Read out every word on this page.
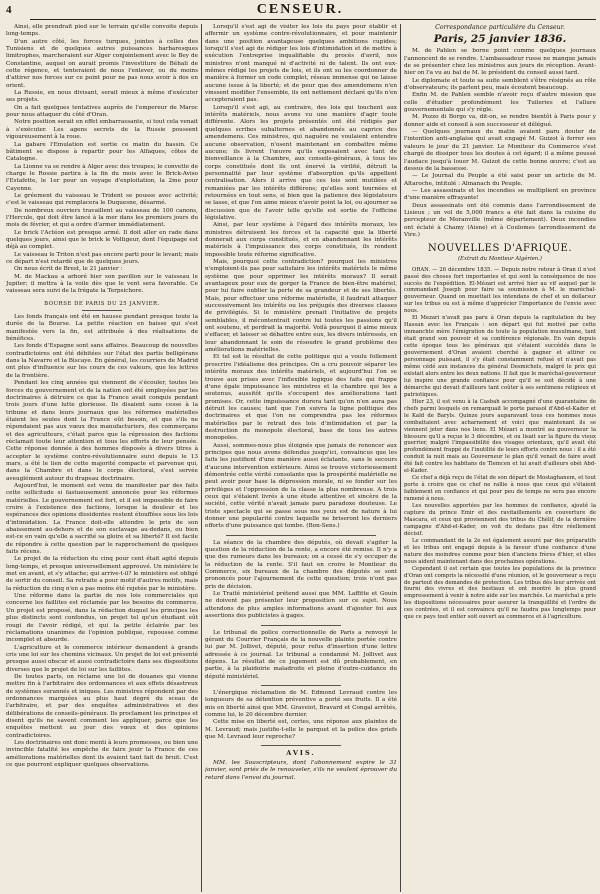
4	CENSEUR.

Ainsi, elle prendrait pied sur le terrain qu'elle convoite depuis long-temps.

D'un autre côté, les forces turques, jointes à celles des Tunisiens et de quelques autres puissances barbaresques limitrophes, marcheraient sur Alger conjointement avec le Bey de Constantine, auquel on aurait promis l'investiture de Béhali de cette régence, et tenteraient de nous l'enlever, ou du moins d'attirer nos forces sur ce point pour ne pas nous avoir à dos en orient.

La Russie, en nous divisant, serait mieux à même d'exécuter ses projets.

On a fait quelques tentatives auprès de l'empereur de Maroc pour nous attaquer du côté d'Oran.

Notre position serait en effet embarrassante, si tout cela venait à s'exécuter. Les agens secrets de la Russie poussent vigoureusement à la roue.

La gabare l'Emulation est sortie ce matin du bassin. Ce bâtiment se dispose à repartir pour les Alfaques, côtes de Catalogne.

La Lionne va se rendre à Alger avec des troupes; le convette de charge le Rossie partira à la fin du mois avec le Brick-Aviso l'Estafette, le 1er pour un voyage d'exploitation, la 2me pour Cayenne.

Le gréement du vaisseau le Trident se pousse avec activité; c'est le vaisseau qui remplacera le Duquesne, désarmé.

De nombreux ouvriers travaillent au vaisseau de 100 canons, l'Hercule, qui doit être lancé à la mer dans les premiers jours du mois de février, et qui a ordre d'armer immédiatement.

Le brick l'Actéon est presque armé. Il doit aller en rade dans quelques jours, ainsi que le brick le Voltigeur, dont l'équipage est déjà au complet.

Le vaisseau le Triton n'est pas encore parti pour le levant; mais ce départ n'est retardé que de quelques jours.

On nous écrit de Brest, le 21 janvier :

M. de Mackau a arboré hier son pavillon sur le vaisseau le Jupiter; il mettra à la voile dès que le vent sera favorable. Ce vaisseau sera suivi de la frégate la Terpsichore.

BOURSE DE PARIS DU 25 JANVIER.

Les fonds français ont été en hausse pendant presque toute la durée de la Bourse. La petite réaction en baisse qui s'est manifestée vers la fin, est attribuée à des réalisations de bénéfices.

Les fonds d'Espagne sont sans affaires. Beaucoup de nouvelles contradictoires ont été débitées sur l'état des partis belligérans dans la Navarre et la Biscaye. En général, les courriers de Madrid ont plus d'influence sur les cours de ces valeurs, que les lettres de la frontière.

Pendant les cinq années qui viennent de s'écouler, toutes les forces du gouvernement et de la nation ont été employées par les doctrinaires à détruire ce que la France avait conquis pendant trois jours d'une lutte glorieuse. Ils disaient sans cesse à la tribune et dans leurs journaux que les réformes matérielles étaient les seules dont la France eût besoin, et que s'ils ne répondaient pas aux vœux des manufacturiers, des commerçans et des agriculteurs, c'était parce que la répression des factions réclamait toute leur attention et tous les efforts de leur pensée. Cette réponse donnée à des hommes disposés à divers titres à accepter le système contre-révolutionnaire suivi depuis le 13 mars, a été le lien de cette majorité compacte et parvenue qui, dans la Chambre et dans le corps électoral, s'est servée aveuglément autour du drapeau doctrinaire.

Aujourd'hui, le moment est venu de manifester par des faits cette sollicitude si fastueusement annoncée pour les réformes matérielles. Le gouvernement est fort, et il est impossible de faire croire à l'existence des factions, lorsque la douleur et les espérances des opinions dissidentes restent étouffées sous les lois d'intimidation. La France doit-elle attendre le prix de son abaissement au-dehors et de son esclavage au-dedans, ou bien est-ce en vain qu'elle a sacrifié sa gloire et sa liberté? Il est facile de répondre à cette question par le rapprochement de quelques faits récens.

Le projet de la réduction du cinq pour cent était agité depuis long-temps, et presque universellement approuvé. Un ministère le met en avant, et s'y attache; qui arrive-t-il? le ministère est obligé de sortir du conseil. Sa retraite a pour motif d'autres motifs, mais la réduction du cinq n'en a pas moins été rejetée par le ministère.

Une réforme dans la partie de nos lois commerciales qui concerne les faillites est réclamée par les besoins du commerce. Un projet est proposé, dans la rédaction duquel les principes les plus distincts sont confondus, un projet tel qu'un étudiant eût rougi de l'avoir rédigé, et qui la petite éclairée par les réclamations unanimes de l'opinion publique, repousse comme incomplet et absurde.

L'agriculture et le commerce intérieur demandent à grands cris une loi sur les chemins vicinaux. Un projet de loi est présenté presque aussi obscur et aussi contradictoire dans ses dispositions diverses que le projet de loi sur les faillites.

De toutes parts, on réclame une loi de douanes qui vienne mettre fin à l'arbitraire des ordonnances et aux effets désastreux de systèmes surannés et iniques. Les ministres répondent par des ordonnances marquées au plus haut degré du sceau de l'arbitraire, et par des enquêtes administratives et des délibérations de conseils-généraux. Ils proclament les principes et disent qu'ils ne savent comment les appliquer, parce que les enquêtes mettent au jour des vœux et des opinions contradictoires.

Les doctrinaires ont donc menti à leurs promesses, ou bien une invincible fatalité les empêche de faire jouir la France de ces améliorations matérielles dont ils avaient tant fait de bruit. C'est ce que pourront expliquer quelques observations.

Lorsqu'il s'est agi de visiter les lois du pays pour établir et affermir un système contre-révolutionnaire, et pour maintenir dans une position avantageuse quelques ambitions cupides; lorsqu'il s'est agi de rédiger les lois d'intimidation et de mettre à exécution l'entreprise inqualifiable du procès d'avril, nos ministres n'ont manqué ni d'activité ni de talent. Ils ont eux-mêmes rédigé les projets de lois, et ils ont su les coordonner de manière à former un code complet, réseau immense qui ne laisse aucune issue à la liberté; et de peur que des amendemens n'en vinssent modifier l'ensemble, ils ont nettement déclaré qu'ils n'en accepteraient pas.

Lorsqu'il s'est agi, au contraire, des lois qui touchent aux intérêts matériels, nous avons vu une manière d'agir toute différente. Alors les projets présentés ont été rédigés par quelques scribes subalternes et abandonnés au caprice des amendemens. Ces ministres, qui naguère ne voulaient entendre aucune observation, n'osent maintenant en combattre même aucune; ils livrent l'œuvre qu'ils exposaient avec tant de bienveillance à la Chambre, aux conseils-généraux, à tous les corps constitués dont ils ont énervé la virilité, détruit la personnalité par leur système d'absorption qu'ils appellent centralisation. Alors il arrive que ces lois sont mutilées et remaniées par les intérêts différens; qu'elles sont tournées et retournées en tout sens, si bien que la patience des législateurs se lasse, et que l'on aime mieux n'avoir point la loi, ou ajourner sa discussion que de l'avoir telle qu'elle est sortie de l'officine législative.

Ainsi, par leur système à l'égard des intérêts moraux, les ministres détruisent les forces et la capacité que la liberté donnerait aux corps constitués, et en abandonnant les intérêts matériels à l'impuissance des corps constitués, ils rendent impossible toute réforme significative.

Mais, pourquoi cette contradiction? pourquoi les ministres n'emploient-ils pas pour satisfaire les intérêts matériels le même système que pour opprimer les intérêts moraux? Il serait avantageux pour eux de gorger la France de bien-être matériel, pour lui faire oublier la perte de sa grandeur et de ses libertés. Mais, pour effectuer une réforme matérielle, il faudrait attaquer successivement les intérêts ou les préjugés des diverses classes de privilégiés. Si le ministère prenait l'initiative de projets semblables, il mécontentrait contre lui toutes les passions qu'il ont soutenu, et perdrait la majorité. Voilà pourquoi il aime mieux s'effacer, et laisser se débattre entre eux, les divers intéressés, en leur abandonnant le soin de résoudre le grand problème des améliorations matérielles.

Et tel est le résultat de cette politique qui a voulu follement proscrire l'idéalisme des principes. On a cru pouvoir séparer les intérêts moraux des intérêts matériels, et aujourd'hui l'on se trouve aux prises avec l'inflexible logique des faits qui frappe d'une égale impuissance les ministres et la chambre qui les a soutenus, aussitôt qu'ils s'occupent des améliorations tant promises. Or, cette impuissance durera tant qu'on n'en aura pas détruit les causes; tant que l'on suivra la ligne politique des doctrinaires et que l'on ne comprendra pas les réformes matérielles par le retrait des lois d'intimidation et par la destruction du monopole électoral, base de tous les autres monopoles.

Aussi, sommes-nous plus éloignés que jamais de renoncer aux principes que nous avons défendus jusqu'ici, convaincus que les faits les justifient d'une manière aussi éclatante, sans le secours d'aucune intervention extérieure. Ainsi se trouve victorieusement démontrée cette vérité consolante que la prospérité matérielle ne peut avoir pour base la dépression morale, ni se fonder sur les privilèges et l'oppression de la classe la plus nombreuse. A trois ceux qui s'étaient livrés à une étude attentive et sincère de la société, cette vérité n'avait jamais paru paradoxe douteuse. Le triste spectacle qui se passe sous nos yeux est de nature à lui donner une popularité contre laquelle ne briseront les derniers efforts d'une puissance qui tombe. (Bon-Sens.)

La séance de la chambre des députés, où devait s'agiter la question de la réduction de la rente, a encore été remise. Il n'y a que des rumeurs dans les bureaux; on a cessé de s'y occuper de la réduction de la rente. S'il faut en croire le Moniteur du Commerce, six bureaux de la chambre des députés se sont prononcés pour l'ajournement de cette question; trois n'ont pas pris de décision.

Le Traité ministériel prétend aussi que MM. Laffitte et Gouin ne doivent pas présenter leur proposition sur ce sujet. Nous attendons de plus amples informations avant d'ajouter foi aux assertions des publicistes à gages.

Le tribunal de police correctionnelle de Paris a renvoyé le gérant du Courrier Français de la nouvelle plainte portée contre lui par M. Jollivet, député, pour refus d'insertion d'une lettre adressée à ce journal. Le tribunal a condamné M. Jollivet aux dépens. Le résultat de ce jugement est dû probablement, en partie, à la plaidoirie maladroite et pleine d'outre-cuidance du député ministériel.

L'énergique réclamation de M. Edmond Levraud contre les longueurs de sa détention préventive a porté ses fruits. Il a été mis en liberté ainsi que MM. Graveiot, Bravard et Congal arrêtés, comme lui, le 20 décembre dernier.

Cette mise en liberté est, certes, une réponse aux plaintes de M. Levraud; mais justifie-t-elle le parquet et la police des griefs que M. Levraud leur reproche?

AVIS.

MM. les Souscripteurs, dont l'abonnement expire le 31 janvier, sont priés de le renouveler, s'ils ne veulent éprouver du retard dans l'envoi du journal.

Correspondance particulière du Censeur.
Paris, 25 janvier 1836.

M. de Pahlen se borne point comme quelques journaux l'annoncent de se rendre. L'ambassadeur russe ne manque jamais de se présenter chez les ministres aux jours de réception. Avant-hier on l'a vu au bal de M. le président du conseil aussi tard.

Le diplomate et toute sa suite semblent s'être résignés au rôle d'observateurs; ils parlent peu, mais écoutent beaucoup.

Enfin M. de Pahlen semble n'avoir reçu d'autre mission que celle d'étudier profondément les Tuileries et l'allure gouvernementale qui s'y régle.

M. Pozzo di Borgo va, dit-on, se rendre bientôt à Paris pour y donner aide et conseil à son successeur et délégué.

— Quelques journaux du matin avaient paru douter de l'intention anti-anglaise qui avait engagé M. Guizot à ferrer ses valeurs le jour du 21 janvier. Le Moniteur du Commerce s'est chargé de dissiper tous les doutes à cet égard; il a même poussé l'audace jusqu'à louer M. Guizot de cette bonne œuvre; c'est au dessus de la bassesse.

— Le Journal du Peuple a été saisi pour un article de M. Altaroche, intitulé : Almanach du Peuple.

— Les assassinats et les incendies se multiplient en province d'une manière effrayante!

Deux assassinats ont été commis dans l'arrondissement de Lisieux ; un vol de 5,000 francs a été fait dans la cuisine du percepteur de Moranville (même département). Deux incendies ont éclaté à Chamy (Aisne) et à Coulomes (arrondissement de Vire.)

NOUVELLES D'AFRIQUE.
(Extrait du Moniteur Algérien.)

ORAN. — 26 décembre 1835. — Depuis notre retour à Oran il n'est passé des choses fort importantes et qui sont la conséquence de nos succès de l'expédition. El-Mézari est arrivé hier au vif auquel par le commandant Joseph pour faire sa soumission à M. le maréchal-gouverneur. Quand on muettait les intendans de chef et un dollarsur sur les tribus ou est à même d'apprécier l'importance de l'envie avec nous.

El Mezari n'avait pas paru à Oran depuis la capitulation du bey Hassan avec les Français : son départ qui fut motivé par cette immanchte mère l'émigration de toute la population musulmane, tant était grand son pouvoir et sa conférence régionale. En vain depuis cette époque tous les généraux qui s'étaient succédés dans le gouvernement d'Oran avaient cherché à gagner et attirer ce personnage puissant, il s'y était constamment refusé et n'avait pas même cédé aux instances du général Desmichels, malgré le prix qui existait alors entre les deux nations. Il fait que le maréchal-gouverneur lui inspire une grande confiance pour qu'il se soit décidé à une démarche qui devait d'ailleurs tant coûter à ses sentimens religieux et patriotiques.

Hier 23, il est venu à la Casbah accompagné d'une quarantaine de chefs parmi lesquels on remarquait le porte parasol d'Abd-el-Kader et le Kaïd de Baryls. Quinze jours auparavant tous ces hommes nous combattaient avec acharnement et voici que maintenant ils se viennent jeter dans nos liens. El Mézari a montré au gouverneur la blessure qu'il a reçue le 3 décembre, et ou lisait sur la figure du vieux guerrier, malgré l'impassibilité des visages orientaux, qu'il avait été profondément frappé de l'inutilité de leurs efforts contre nous : il a été conduit la nuit mais au Gouverneur le plan qu'il venait de faire avait été fait contre les habitans de Tlemcen et lui avait d'ailleurs obéi Abd-el-Kader.

Ce chef a déjà reçu de l'état de son départ de Mostaghanem, et tout porte à croire que ce chef ne rallie à nous que ceux qui s'étaient faiblement en confiance et qui pour peu de temps ne sera pas encore ramené à nous.

Les nouvelles apportées par les hommes de confiance, ajouté la capture du prince Emir et des ravitaillements en couverture de Mascara, et ceux qui proviennent des tribus du Chélif, de la dernière campagne d'Abd-el-Kader, on voit du dedans pas être réellement décisif.

Le commandant de la 2e est également assuré par des préparatifs et les tribus ont engagé depuis à la faveur d'une confiance d'une nature des moindres comme pour bien d'anciens frères d'hier, et elles nous aident maintenant dans des prochaines opérations.

Cependant il est certain que toutes les populations de la province d'Oran ont compris la nécessité d'une réunion, et le gouverneur a reçu de partout des demandes de protection. Les tribus dès leur arrivée ont fourni des vivres et des bestiaux et ont montré le plus grand empressement à venir à notre aide sur les marchés. Le maréchal a pris les dispositions nécessaires pour assurer la tranquillité et l'ordre de ces contrées, et il est convaincu qu'il ne faudra pas longtemps pour que ce pays tout entier soit ouvert au commerce et à l'agriculture.
